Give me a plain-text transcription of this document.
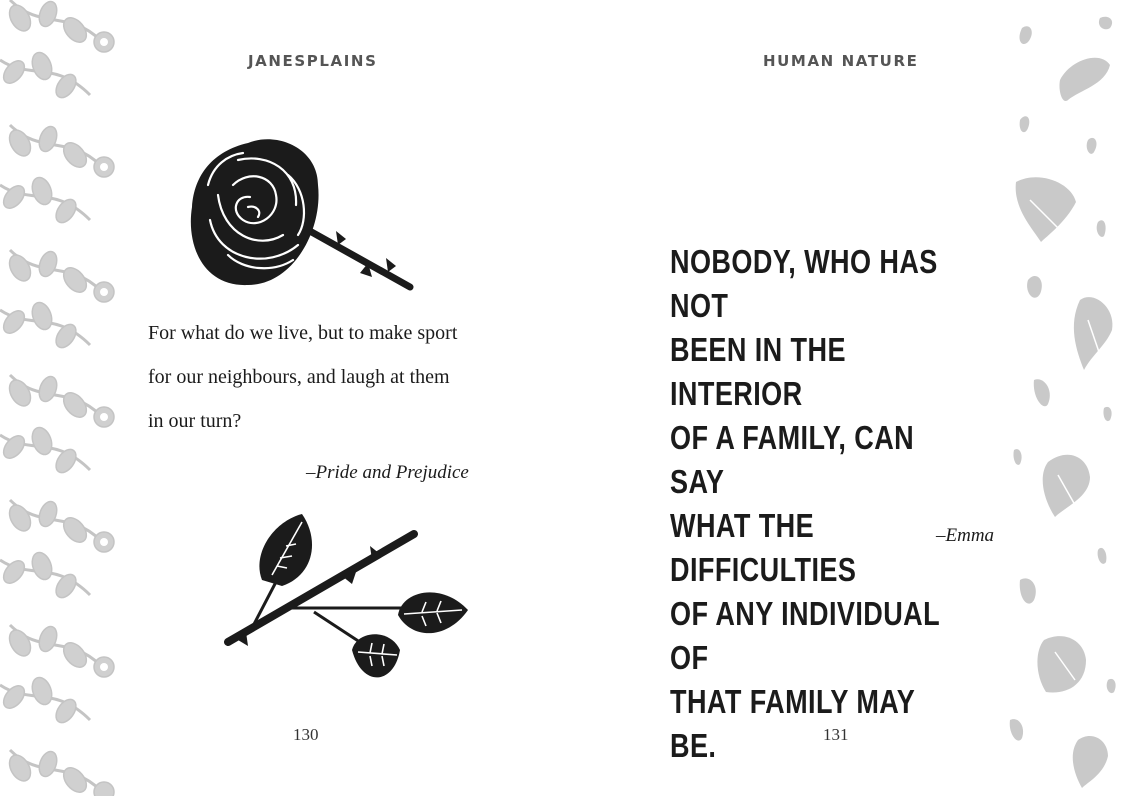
JANESPLAINS
For what do we live, but to make sport
for our neighbours, and laugh at them
in our turn?
–Pride and Prejudice
130
HUMAN NATURE
NOBODY, WHO HAS NOT
BEEN IN THE INTERIOR
OF A FAMILY, CAN SAY
WHAT THE DIFFICULTIES
OF ANY INDIVIDUAL OF
THAT FAMILY MAY BE.
–Emma
131
